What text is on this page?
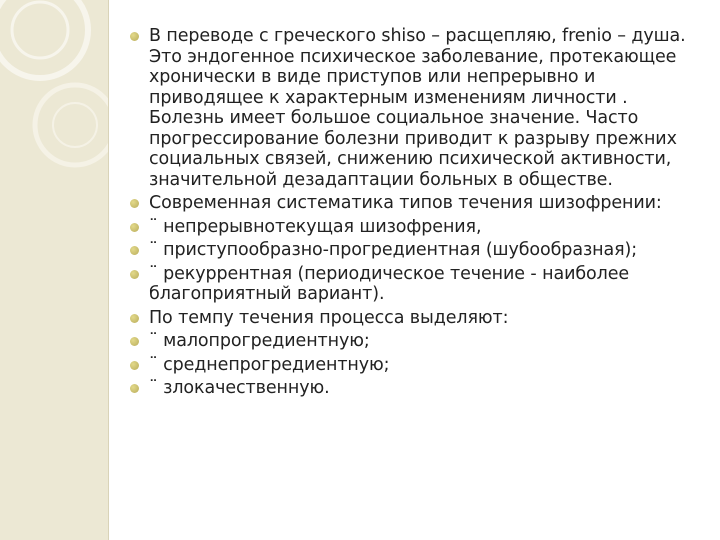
В переводе с греческого shiso – расщепляю, frenio – душа. Это эндогенное психическое заболевание, протекающее хронически в виде приступов или непрерывно и приводящее к характерным изменениям личности . Болезнь имеет большое социальное значение. Часто прогрессирование болезни приводит к разрыву прежних социальных связей, снижению психической активности, значительной дезадаптации больных в обществе.
Современная систематика типов течения шизофрении:
¨ непрерывнотекущая шизофрения,
¨ приступообразно-прогредиентная (шубообразная);
¨ рекуррентная (периодическое течение - наиболее благоприятный вариант).
По темпу течения процесса выделяют:
¨ малопрогредиентную;
¨ среднепрогредиентную;
¨ злокачественную.
